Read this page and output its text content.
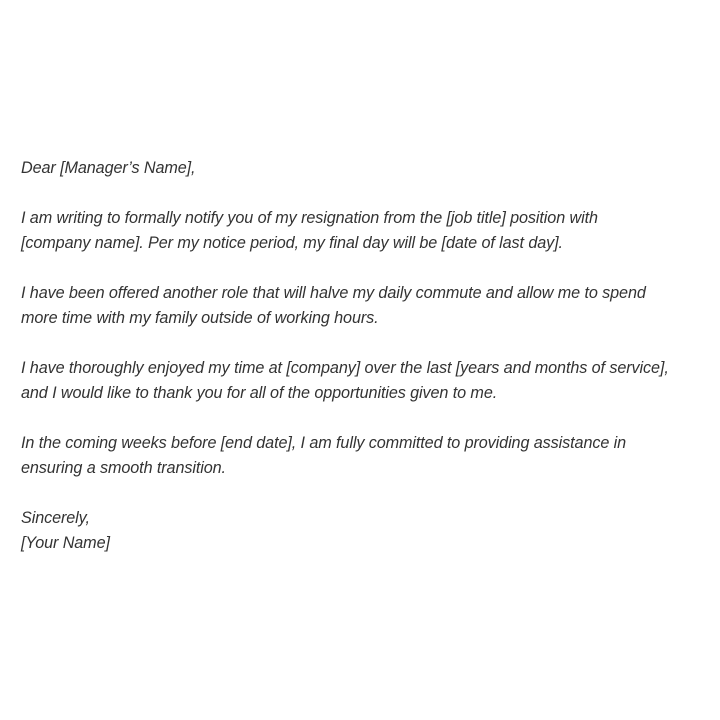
Dear [Manager’s Name],

I am writing to formally notify you of my resignation from the [job title] position with
[company name]. Per my notice period, my final day will be [date of last day].

I have been offered another role that will halve my daily commute and allow me to spend
more time with my family outside of working hours.

I have thoroughly enjoyed my time at [company] over the last [years and months of service],
and I would like to thank you for all of the opportunities given to me.

In the coming weeks before [end date], I am fully committed to providing assistance in
ensuring a smooth transition.

Sincerely,
[Your Name]
